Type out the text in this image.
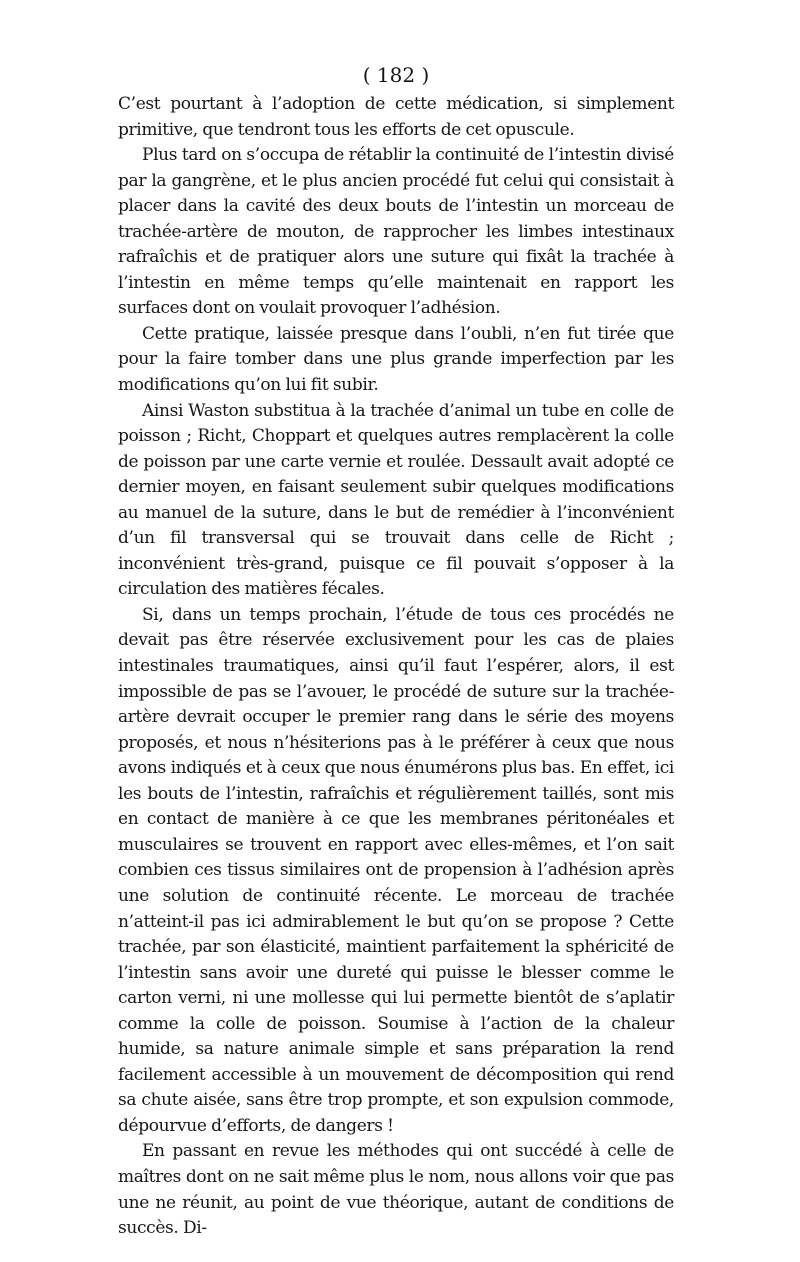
( 182 )

C’est pourtant à l’adoption de cette médication, si simplement primitive, que tendront tous les efforts de cet opuscule.

Plus tard on s’occupa de rétablir la continuité de l’intestin divisé par la gangrène, et le plus ancien procédé fut celui qui consistait à placer dans la cavité des deux bouts de l’intestin un morceau de trachée-artère de mouton, de rapprocher les limbes intestinaux rafraîchis et de pratiquer alors une suture qui fixât la trachée à l’intestin en même temps qu’elle maintenait en rapport les surfaces dont on voulait provoquer l’adhésion.

Cette pratique, laissée presque dans l’oubli, n’en fut tirée que pour la faire tomber dans une plus grande imperfection par les modifications qu’on lui fit subir.

Ainsi Waston substitua à la trachée d’animal un tube en colle de poisson ; Richt, Choppart et quelques autres remplacèrent la colle de poisson par une carte vernie et roulée. Dessault avait adopté ce dernier moyen, en faisant seulement subir quelques modifications au manuel de la suture, dans le but de remédier à l’inconvénient d’un fil transversal qui se trouvait dans celle de Richt ; inconvénient très-grand, puisque ce fil pouvait s’opposer à la circulation des matières fécales.

Si, dans un temps prochain, l’étude de tous ces procédés ne devait pas être réservée exclusivement pour les cas de plaies intestinales traumatiques, ainsi qu’il faut l’espérer, alors, il est impossible de pas se l’avouer, le procédé de suture sur la trachée-artère devrait occuper le premier rang dans le série des moyens proposés, et nous n’hésiterions pas à le préférer à ceux que nous avons indiqués et à ceux que nous énumérons plus bas. En effet, ici les bouts de l’intestin, rafraîchis et régulièrement taillés, sont mis en contact de manière à ce que les membranes péritonéales et musculaires se trouvent en rapport avec elles-mêmes, et l’on sait combien ces tissus similaires ont de propension à l’adhésion après une solution de continuité récente. Le morceau de trachée n’atteint-il pas ici admirablement le but qu’on se propose ? Cette trachée, par son élasticité, maintient parfaitement la sphéricité de l’intestin sans avoir une dureté qui puisse le blesser comme le carton verni, ni une mollesse qui lui permette bientôt de s’aplatir comme la colle de poisson. Soumise à l’action de la chaleur humide, sa nature animale simple et sans préparation la rend facilement accessible à un mouvement de décomposition qui rend sa chute aisée, sans être trop prompte, et son expulsion commode, dépourvue d’efforts, de dangers !

En passant en revue les méthodes qui ont succédé à celle de maîtres dont on ne sait même plus le nom, nous allons voir que pas une ne réunit, au point de vue théorique, autant de conditions de succès. Di-
